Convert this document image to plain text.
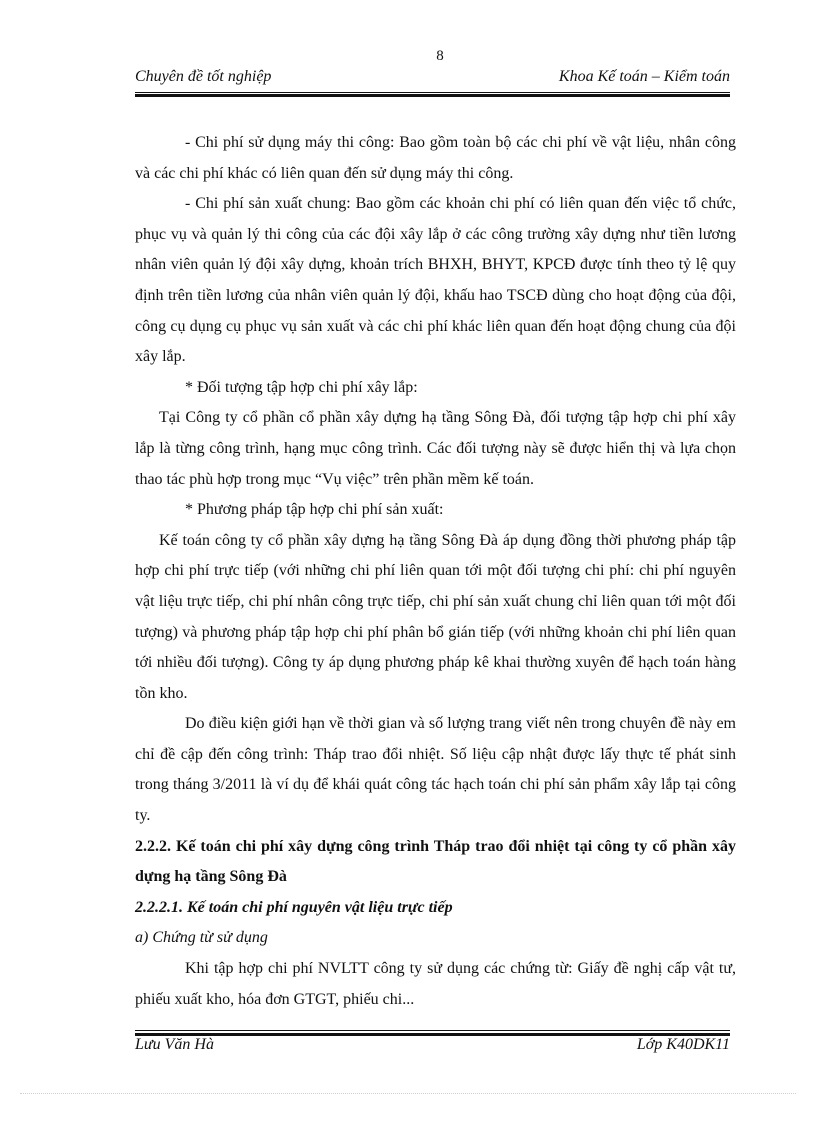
8
Chuyên đề tốt nghiệp	Khoa Kế toán – Kiểm toán

- Chi phí sử dụng máy thi công: Bao gồm toàn bộ các chi phí về vật liệu, nhân công và các chi phí khác có liên quan đến sử dụng máy thi công.

- Chi phí sản xuất chung: Bao gồm các khoản chi phí có liên quan đến việc tổ chức, phục vụ và quản lý thi công của các đội xây lắp ở các công trường xây dựng như tiền lương nhân viên quản lý đội xây dựng, khoản trích BHXH, BHYT, KPCĐ được tính theo tỷ lệ quy định trên tiền lương của nhân viên quản lý đội, khấu hao TSCĐ dùng cho hoạt động của đội, công cụ dụng cụ phục vụ sản xuất và các chi phí khác liên quan đến hoạt động chung của đội xây lắp.

* Đối tượng tập hợp chi phí xây lắp:

Tại Công ty cổ phần cổ phần xây dựng hạ tầng Sông Đà, đối tượng tập hợp chi phí xây lắp là từng công trình, hạng mục công trình. Các đối tượng này sẽ được hiển thị và lựa chọn thao tác phù hợp trong mục “Vụ việc” trên phần mềm kế toán.

* Phương pháp tập hợp chi phí sản xuất:

Kế toán công ty cổ phần xây dựng hạ tầng Sông Đà áp dụng đồng thời phương pháp tập hợp chi phí trực tiếp (với những chi phí liên quan tới một đối tượng chi phí: chi phí nguyên vật liệu trực tiếp, chi phí nhân công trực tiếp, chi phí sản xuất chung chỉ liên quan tới một đối tượng) và phương pháp tập hợp chi phí phân bổ gián tiếp (với những khoản chi phí liên quan tới nhiều đối tượng). Công ty áp dụng phương pháp kê khai thường xuyên để hạch toán hàng tồn kho.

Do điều kiện giới hạn về thời gian và số lượng trang viết nên trong chuyên đề này em chỉ đề cập đến công trình: Tháp trao đổi nhiệt. Số liệu cập nhật được lấy thực tế phát sinh trong tháng 3/2011 là ví dụ để khái quát công tác hạch toán chi phí sản phẩm xây lắp tại công ty.

2.2.2. Kế toán chi phí xây dựng công trình Tháp trao đổi nhiệt tại công ty cổ phần xây dựng hạ tầng Sông Đà

2.2.2.1. Kế toán chi phí nguyên vật liệu trực tiếp

a) Chứng từ sử dụng

Khi tập hợp chi phí NVLTT công ty sử dụng các chứng từ: Giấy đề nghị cấp vật tư, phiếu xuất kho, hóa đơn GTGT, phiếu chi...

Lưu Văn Hà	Lớp K40DK11
